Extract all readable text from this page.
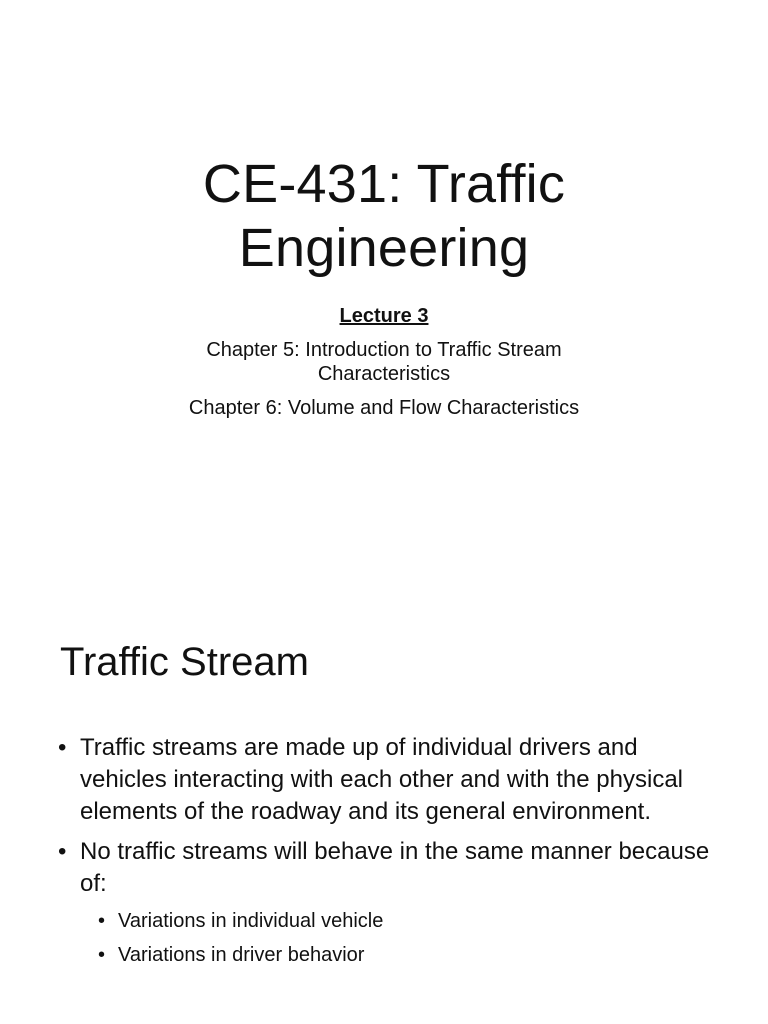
CE-431: Traffic
Engineering
Lecture 3
Chapter 5: Introduction to Traffic Stream Characteristics
Chapter 6: Volume and Flow Characteristics
Traffic Stream
• Traffic streams are made up of individual drivers and vehicles interacting with each other and with the physical elements of the roadway and its general environment.
• No traffic streams will behave in the same manner because of:
• Variations in individual vehicle
• Variations in driver behavior
